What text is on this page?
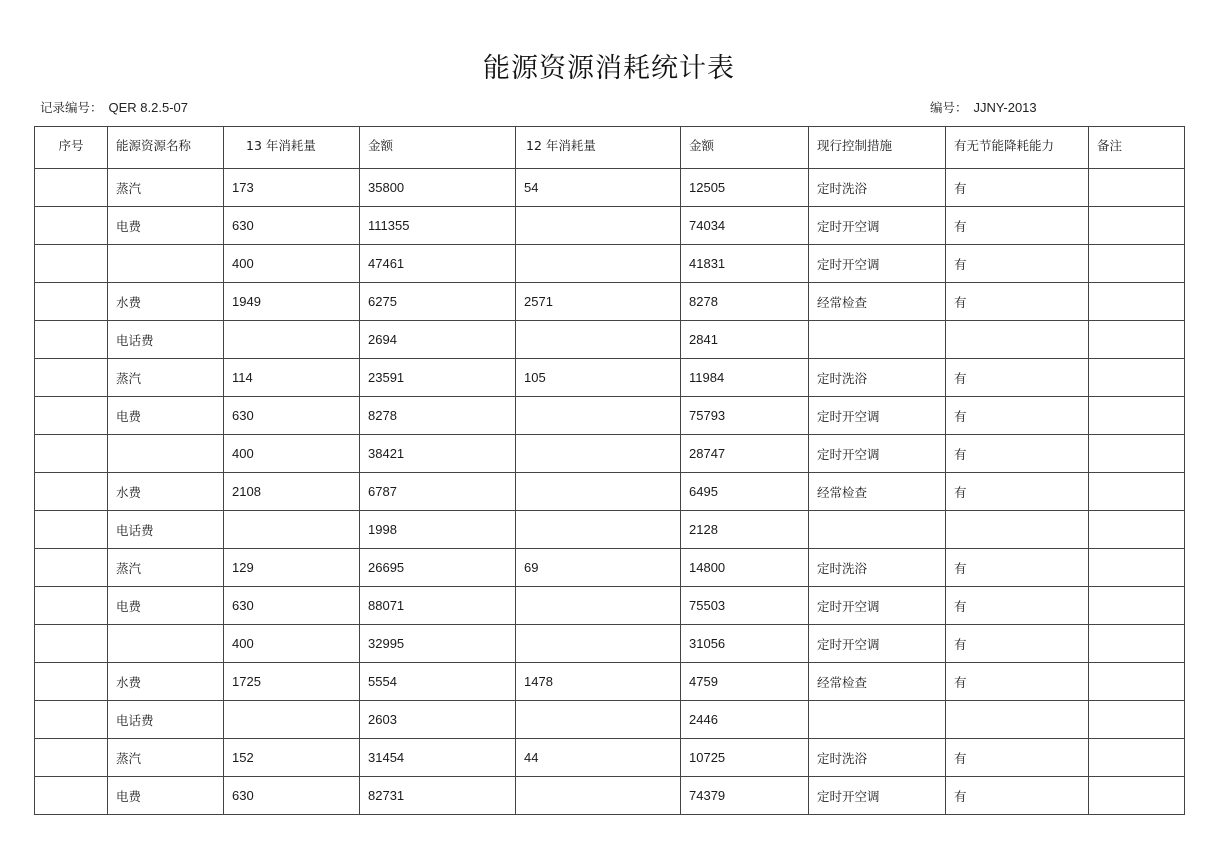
能源资源消耗统计表
记录编号： QER 8.2.5-07	编号： JJNY-2013
序号	能源资源名称	13 年消耗量	金额	12 年消耗量	金额	现行控制措施	有无节能降耗能力	备注
	蒸汽	173	35800	54	12505	定时洗浴	有	
	电费	630	111355		74034	定时开空调	有	
		400	47461		41831	定时开空调	有	
	水费	1949	6275	2571	8278	经常检查	有	
	电话费		2694		2841			
	蒸汽	114	23591	105	11984	定时洗浴	有	
	电费	630	8278		75793	定时开空调	有	
		400	38421		28747	定时开空调	有	
	水费	2108	6787		6495	经常检查	有	
	电话费		1998		2128			
	蒸汽	129	26695	69	14800	定时洗浴	有	
	电费	630	88071		75503	定时开空调	有	
		400	32995		31056	定时开空调	有	
	水费	1725	5554	1478	4759	经常检查	有	
	电话费		2603		2446			
	蒸汽	152	31454	44	10725	定时洗浴	有	
	电费	630	82731		74379	定时开空调	有	
